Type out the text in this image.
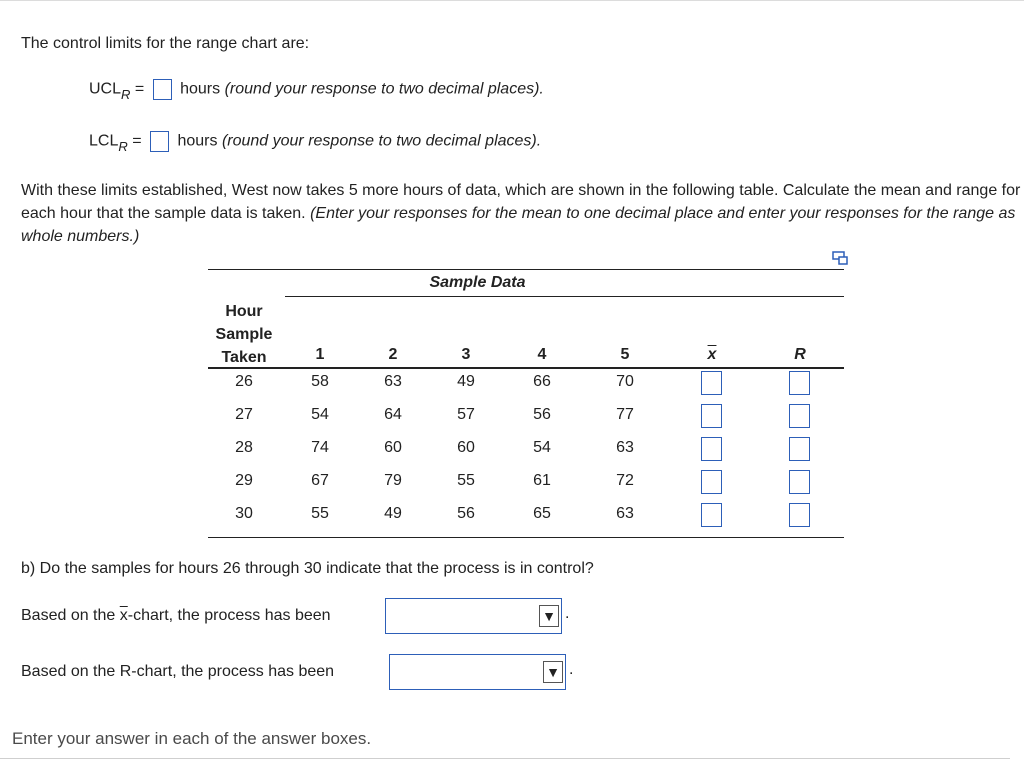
The control limits for the range chart are:
$UCL_R$ = hours (round your response to two decimal places).
$LCL_R$ = hours (round your response to two decimal places).
With these limits established, West now takes 5 more hours of data, which are shown in the following table. Calculate the mean and range for each hour that the sample data is taken. (Enter your responses for the mean to one decimal place and enter your responses for the range as whole numbers.)
Sample Data
Hour
Sample
Taken	1	2	3	4	5	$\overline{x}$	R
26	58	63	49	66	70
27	54	64	57	56	77
28	74	60	60	54	63
29	67	79	55	61	72
30	55	49	56	65	63
b) Do the samples for hours 26 through 30 indicate that the process is in control?
Based on the $\overline{x}$-chart, the process has been	▼ .
Based on the R-chart, the process has been	▼ .
Enter your answer in each of the answer boxes.
